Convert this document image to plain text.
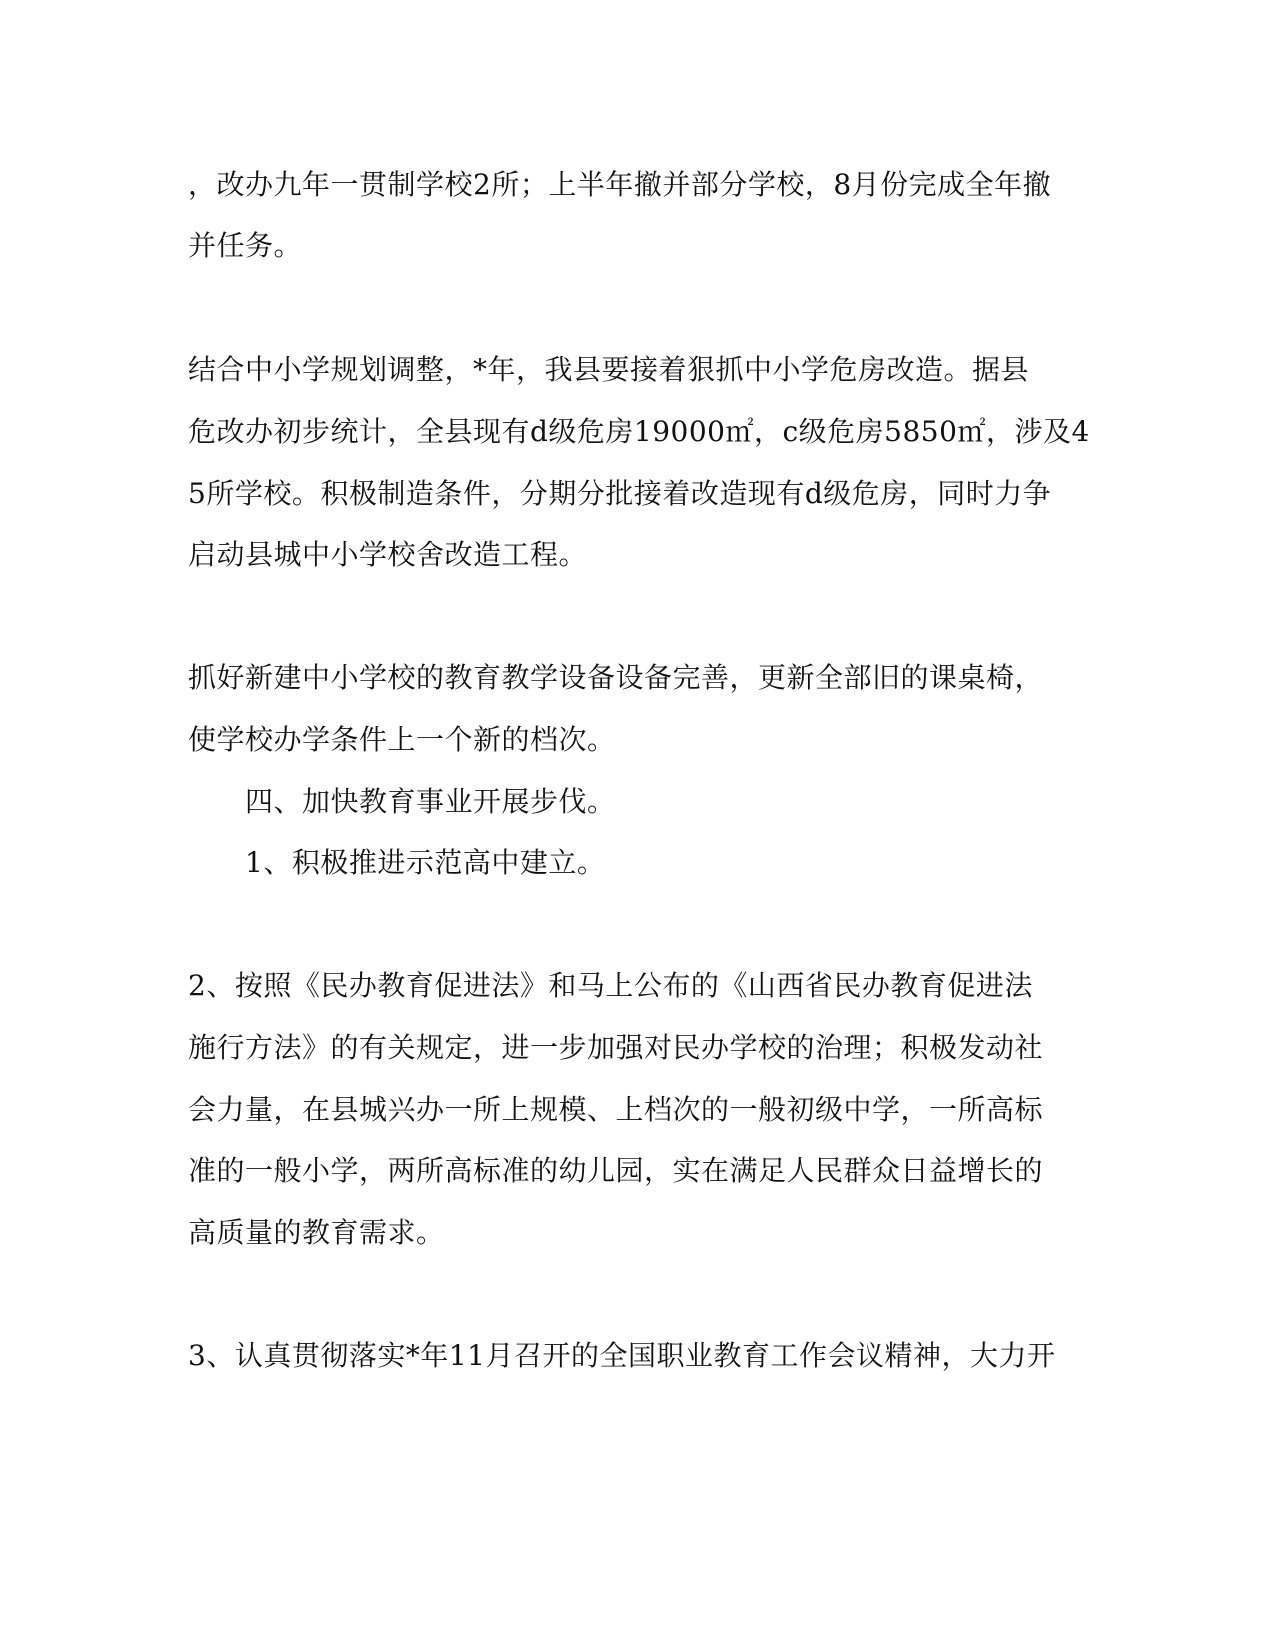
，改办九年一贯制学校2所；上半年撤并部分学校，8月份完成全年撤
并任务。
结合中小学规划调整，*年，我县要接着狠抓中小学危房改造。据县
危改办初步统计，全县现有d级危房19000㎡，c级危房5850㎡，涉及4
5所学校。积极制造条件，分期分批接着改造现有d级危房，同时力争
启动县城中小学校舍改造工程。
抓好新建中小学校的教育教学设备设备完善，更新全部旧的课桌椅，
使学校办学条件上一个新的档次。
四、加快教育事业开展步伐。
1、积极推进示范高中建立。
2、按照《民办教育促进法》和马上公布的《山西省民办教育促进法
施行方法》的有关规定，进一步加强对民办学校的治理；积极发动社
会力量，在县城兴办一所上规模、上档次的一般初级中学，一所高标
准的一般小学，两所高标准的幼儿园，实在满足人民群众日益增长的
高质量的教育需求。
3、认真贯彻落实*年11月召开的全国职业教育工作会议精神，大力开
